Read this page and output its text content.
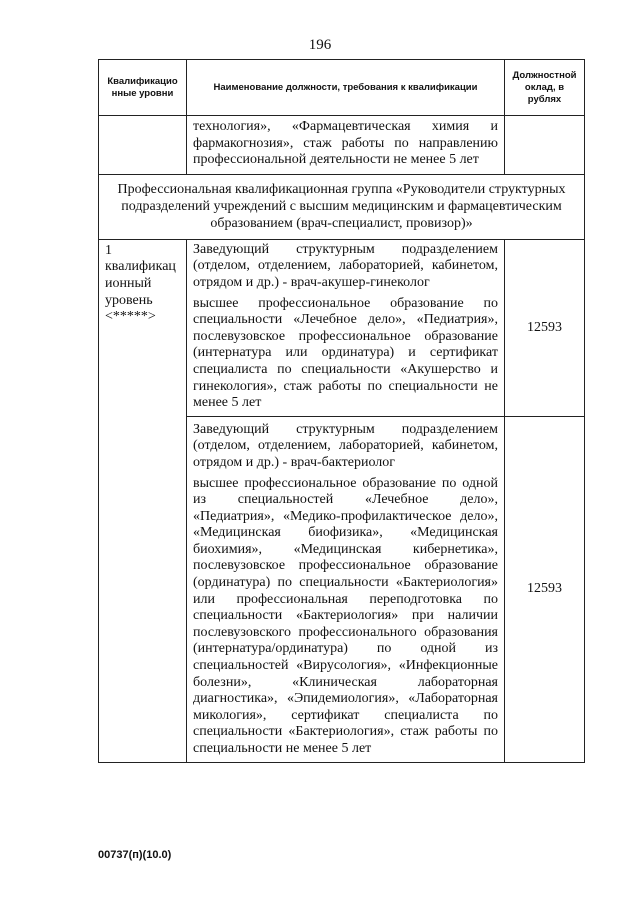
196
Квалификацио нные уровни	Наименование должности, требования к квалификации	Должностной оклад, в рублях

	технология», «Фармацевтическая химия и фармакогнозия», стаж работы по направлению профессиональной деятельности не менее 5 лет	

Профессиональная квалификационная группа «Руководители структурных подразделений учреждений с высшим медицинским и фармацевтическим образованием (врач-специалист, провизор)»		

1 квалификац ионный уровень <*****>	Заведующий структурным подразделением (отделом, отделением, лабораторией, кабинетом, отрядом и др.) - врач-акушер-гинеколог
высшее профессиональное образование по специальности «Лечебное дело», «Педиатрия», послевузовское профессиональное образование (интернатура или ординатура) и сертификат специалиста по специальности «Акушерство и гинекология», стаж работы по специальности не менее 5 лет	12593

	Заведующий структурным подразделением (отделом, отделением, лабораторией, кабинетом, отрядом и др.) - врач-бактериолог
высшее профессиональное образование по одной из специальностей «Лечебное дело», «Педиатрия», «Медико-профилактическое дело», «Медицинская биофизика», «Медицинская биохимия», «Медицинская кибернетика», послевузовское профессиональное образование (ординатура) по специальности «Бактериология» или профессиональная переподготовка по специальности «Бактериология» при наличии послевузовского профессионального образования (интернатура/ординатура) по одной из специальностей «Вирусология», «Инфекционные болезни», «Клиническая лабораторная диагностика», «Эпидемиология», «Лабораторная микология», сертификат специалиста по специальности «Бактериология», стаж работы по специальности не менее 5 лет	12593
00737(п)(10.0)
